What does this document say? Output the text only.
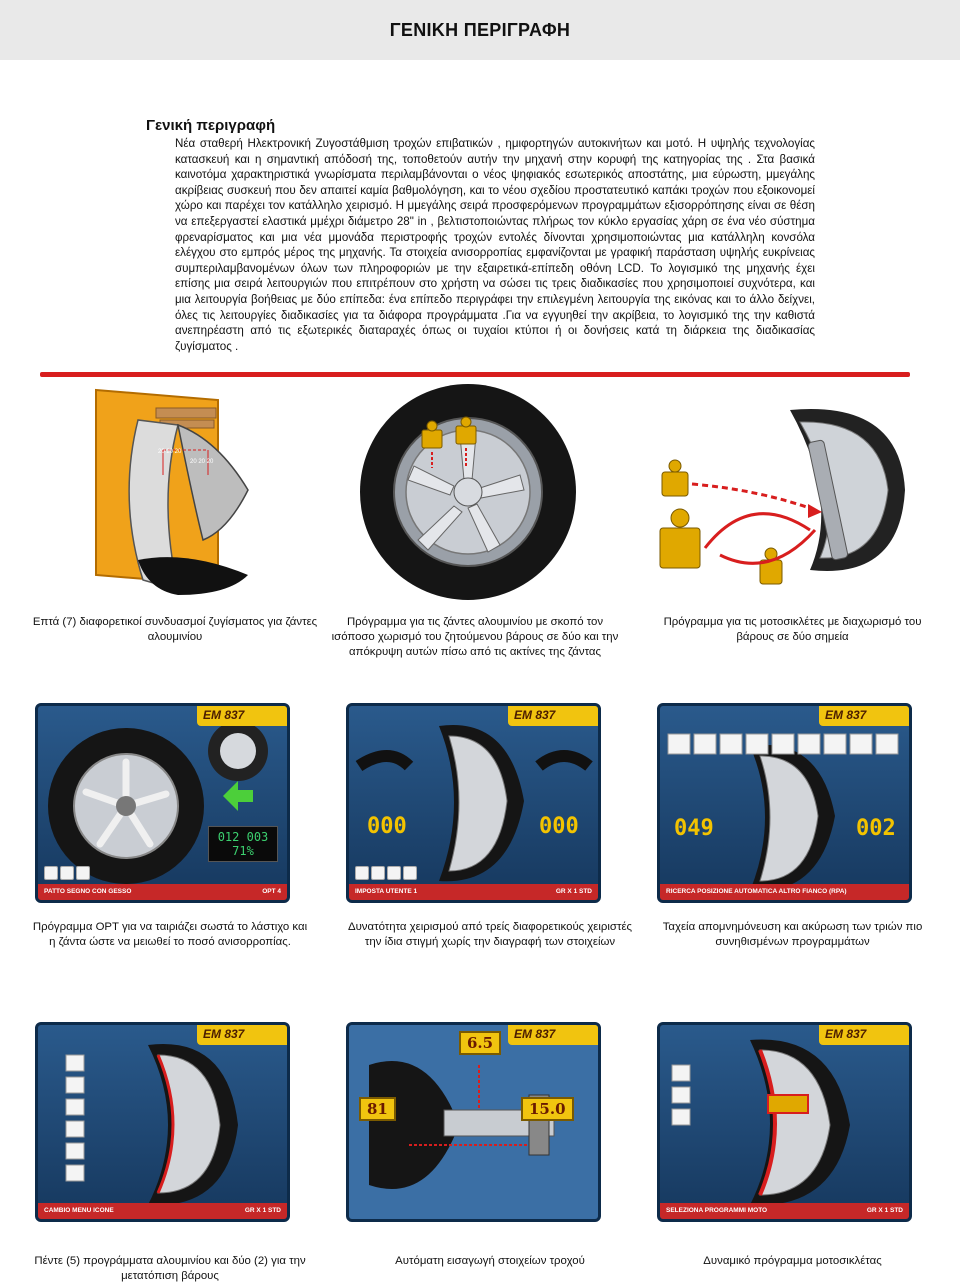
ΓΕΝΙΚΗ ΠΕΡΙΓΡΑΦΗ
Γενική περιγραφή
Νέα σταθερή Ηλεκτρονική Ζυγοστάθμιση τροχών επιβατικών , ημιφορτηγών αυτοκινήτων και μοτό. Η υψηλής τεχνολογίας κατασκευή και η σημαντική απόδοσή της, τοποθετούν αυτήν την μηχανή στην κορυφή της κατηγορίας της . Στα βασικά καινοτόμα χαρακτηριστικά γνωρίσματα περιλαμβάνονται ο νέος ψηφιακός εσωτερικός αποστάτης, μια εύρωστη, μμεγάλης ακρίβειας συσκευή που δεν απαιτεί καμία βαθμολόγηση, και το νέου σχεδίου προστατευτικό καπάκι τροχών που εξοικονομεί χώρο και παρέχει τον κατάλληλο χειρισμό. Η μμεγάλης σειρά προσφερόμενων προγραμμάτων εξισορρόπησης είναι σε θέση να επεξεργαστεί ελαστικά μμέχρι διάμετρο 28" in , βελτιστοποιώντας πλήρως τον κύκλο εργασίας χάρη σε ένα νέο σύστημα φρεναρίσματος και μια νέα μμονάδα περιστροφής τροχών εντολές δίνονται χρησιμοποιώντας μια κατάλληλη κονσόλα ελέγχου στο εμπρός μέρος της μηχανής. Τα στοιχεία ανισορροπίας εμφανίζονται με γραφική παράσταση υψηλής ευκρίνειας συμπεριλαμβανομένων όλων των πληροφοριών με την εξαιρετικά-επίπεδη οθόνη LCD. Το λογισμικό της μηχανής έχει επίσης μια σειρά λειτουργιών που επιτρέπουν στο χρήστη να σώσει τις τρεις διαδικασίες που χρησιμοποιεί συχνότερα, και μια λειτουργία βοήθειας με δύο επίπεδα: ένα επίπεδο περιγράφει την επιλεγμένη λειτουργία της εικόνας και το άλλο δείχνει, όλες τις λειτουργίες διαδικασίες για τα διάφορα προγράμματα .Για να εγγυηθεί την ακρίβεια, το λογισμικό της την καθιστά ανεπηρέαστη από τις εξωτερικές διαταραχές όπως οι τυχαίοι κτύποι ή οι δονήσεις κατά τη διάρκεια της διαδικασίας ζυγίσματος .
20 20 20
20 20 20
Επτά (7) διαφορετικοί συνδυασμοί ζυγίσματος για ζάντες αλουμινίου
Πρόγραμμα για τις ζάντες αλουμινίου με σκοπό τον ισόποσο χωρισμό του ζητούμενου βάρους σε δύο και την απόκρυψη αυτών πίσω από τις ακτίνες της ζάντας
Πρόγραμμα για τις μοτοσικλέτες με διαχωρισμό του βάρους σε δύο σημεία
EM 837
012 003
71%
PATTO SEGNO CON GESSO	OPT 4
EM 837
000	000
IMPOSTA UTENTE 1	GR X 1 STD
EM 837
049	002
RICERCA POSIZIONE AUTOMATICA ALTRO FIANCO (RPA)
Πρόγραμμα OPT για να ταιριάζει σωστά το λάστιχο και η ζάντα ώστε να μειωθεί το ποσό ανισορροπίας.
Δυνατότητα χειρισμού από τρείς διαφορετικούς χειριστές την ίδια στιγμή χωρίς την διαγραφή των στοιχείων
Ταχεία απομνημόνευση και ακύρωση των τριών πιο συνηθισμένων προγραμμάτων
EM 837
CAMBIO MENU ICONE	GR X 1 STD
EM 837
6.5
81	15.0
EM 837
SELEZIONA PROGRAMMI MOTO	GR X 1 STD
Πέντε (5) προγράμματα αλουμινίου και δύο (2) για την μετατόπιση βάρους
Αυτόματη εισαγωγή στοιχείων τροχού	Δυναμικό πρόγραμμα μοτοσικλέτας
